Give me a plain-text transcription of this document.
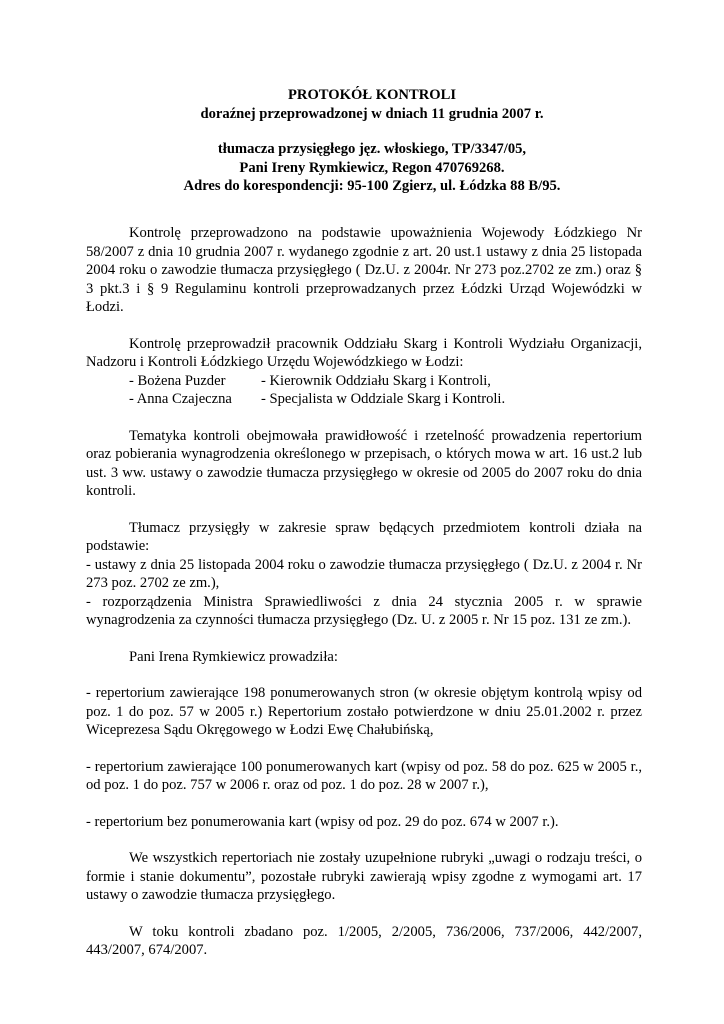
PROTOKÓŁ KONTROLI
doraźnej przeprowadzonej w dniach 11 grudnia 2007 r.
tłumacza przysięgłego jęz. włoskiego, TP/3347/05,
Pani Ireny Rymkiewicz, Regon 470769268.
Adres do korespondencji: 95-100 Zgierz, ul. Łódzka 88 B/95.

Kontrolę przeprowadzono na podstawie upoważnienia Wojewody Łódzkiego Nr 58/2007 z dnia 10 grudnia 2007 r. wydanego zgodnie z art. 20 ust.1 ustawy z dnia 25 listopada 2004 roku o zawodzie tłumacza przysięgłego ( Dz.U. z 2004r. Nr 273 poz.2702 ze zm.) oraz § 3 pkt.3 i § 9 Regulaminu kontroli przeprowadzanych przez Łódzki Urząd Wojewódzki w Łodzi.

Kontrolę przeprowadził pracownik Oddziału Skarg i Kontroli Wydziału Organizacji, Nadzoru i Kontroli Łódzkiego Urzędu Wojewódzkiego w Łodzi:

- Bożena Puzder	- Kierownik Oddziału Skarg i Kontroli,
- Anna Czajeczna	- Specjalista w Oddziale Skarg i Kontroli.

Tematyka kontroli obejmowała prawidłowość i rzetelność prowadzenia repertorium oraz pobierania wynagrodzenia określonego w przepisach, o których mowa w art. 16 ust.2 lub ust. 3 ww. ustawy o zawodzie tłumacza przysięgłego w okresie od 2005 do 2007 roku do dnia kontroli.

Tłumacz przysięgły w zakresie spraw będących przedmiotem kontroli działa na podstawie:

- ustawy z dnia 25 listopada 2004 roku o zawodzie tłumacza przysięgłego ( Dz.U. z 2004 r. Nr 273 poz. 2702 ze zm.),

- rozporządzenia Ministra Sprawiedliwości z dnia 24 stycznia 2005 r. w sprawie wynagrodzenia za czynności tłumacza przysięgłego (Dz. U. z 2005 r. Nr 15 poz. 131 ze zm.).

Pani Irena Rymkiewicz prowadziła:

- repertorium zawierające 198 ponumerowanych stron (w okresie objętym kontrolą wpisy od poz. 1 do poz. 57 w 2005 r.) Repertorium zostało potwierdzone w dniu 25.01.2002 r. przez Wiceprezesa Sądu Okręgowego w Łodzi Ewę Chałubińską,

- repertorium zawierające 100 ponumerowanych kart (wpisy od poz. 58 do poz. 625 w 2005 r., od poz. 1 do poz. 757 w 2006 r. oraz od poz. 1 do poz. 28 w 2007 r.),

- repertorium bez ponumerowania kart (wpisy od poz. 29 do poz. 674 w 2007 r.).

We wszystkich repertoriach nie zostały uzupełnione rubryki „uwagi o rodzaju treści, o formie i stanie dokumentu”, pozostałe rubryki zawierają wpisy zgodne z wymogami art. 17 ustawy o zawodzie tłumacza przysięgłego.

W toku kontroli zbadano poz. 1/2005, 2/2005, 736/2006, 737/2006, 442/2007, 443/2007, 674/2007.
